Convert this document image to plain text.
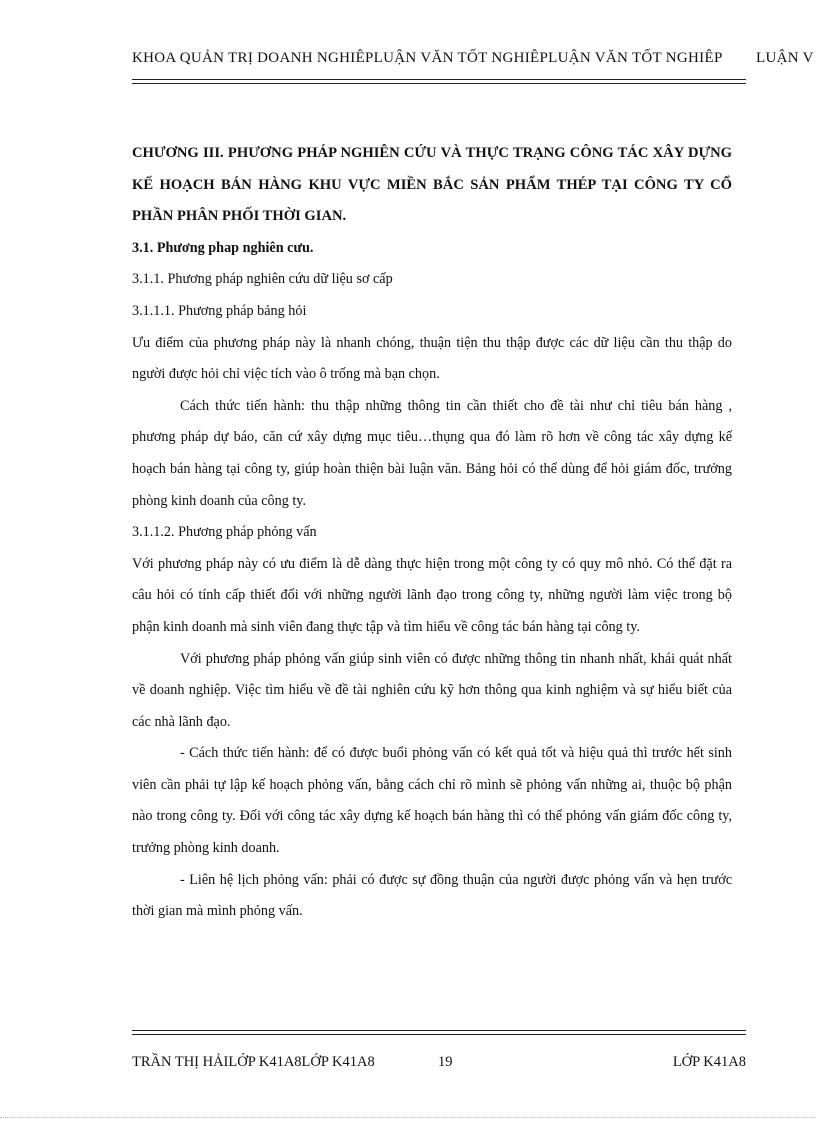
KHOA QUẢN TRỊ DOANH NGHIÊPLUẬN VĂN TỐT NGHIÊPLUẬN VĂN TỐT NGHIÊP LUẬN V

CHƯƠNG III. PHƯƠNG PHÁP NGHIÊN CỨU VÀ THỰC TRẠNG CÔNG TÁC XÂY DỰNG KẾ HOẠCH BÁN HÀNG KHU VỰC MIỀN BẮC SẢN PHẨM THÉP TẠI CÔNG TY CỔ PHẦN PHÂN PHỐI THỜI GIAN.

3.1. Phương phap nghiên cưu.

3.1.1. Phương pháp nghiên cứu dữ liệu sơ cấp

3.1.1.1. Phương pháp bảng hỏi

Ưu điểm của phương pháp này là nhanh chóng, thuận tiện thu thập được các dữ liệu cần thu thập do người được hỏi chỉ việc tích vào ô trống mà bạn chọn.

Cách thức tiến hành: thu thập những thông tin cần thiết cho đề tài như chỉ tiêu bán hàng , phương pháp dự báo, căn cứ xây dựng mục tiêu…thụng qua đó làm rõ hơn về công tác xây dựng kế hoạch bán hàng tại công ty, giúp hoàn thiện bài luận văn. Bảng hỏi có thể dùng để hỏi giám đốc, trưởng phòng kinh doanh của công ty.

3.1.1.2. Phương pháp phỏng vấn

Với phương pháp này có ưu điểm là dễ dàng thực hiện trong một công ty có quy mô nhỏ. Có thể đặt ra câu hỏi có tính cấp thiết đối với những người lãnh đạo trong công ty, những người làm việc trong bộ phận kinh doanh mà sinh viên đang thực tập và tìm hiểu về công tác bán hàng tại công ty.

Với phương pháp phỏng vấn giúp sinh viên có được những thông tin nhanh nhất, khái quát nhất về doanh nghiệp. Việc tìm hiểu về đề tài nghiên cứu kỹ hơn thông qua kinh nghiệm và sự hiểu biết của các nhà lãnh đạo.

- Cách thức tiến hành: để có được buổi phỏng vấn có kết quả tốt và hiệu quả thì trước hết sinh viên cần phải tự lập kế hoạch phỏng vấn, bằng cách chỉ rõ mình sẽ phỏng vấn những ai, thuộc bộ phận nào trong công ty. Đối với công tác xây dựng kế hoạch bán hàng thì có thể phỏng vấn giám đốc công ty, trưởng phòng kinh doanh.

- Liên hệ lịch phỏng vấn: phải có được sự đồng thuận của người được phỏng vấn và hẹn trước thời gian mà mình phỏng vấn.

TRẦN THỊ HẢILỚP K41A8LỚP K41A8	19	LỚP K41A8
